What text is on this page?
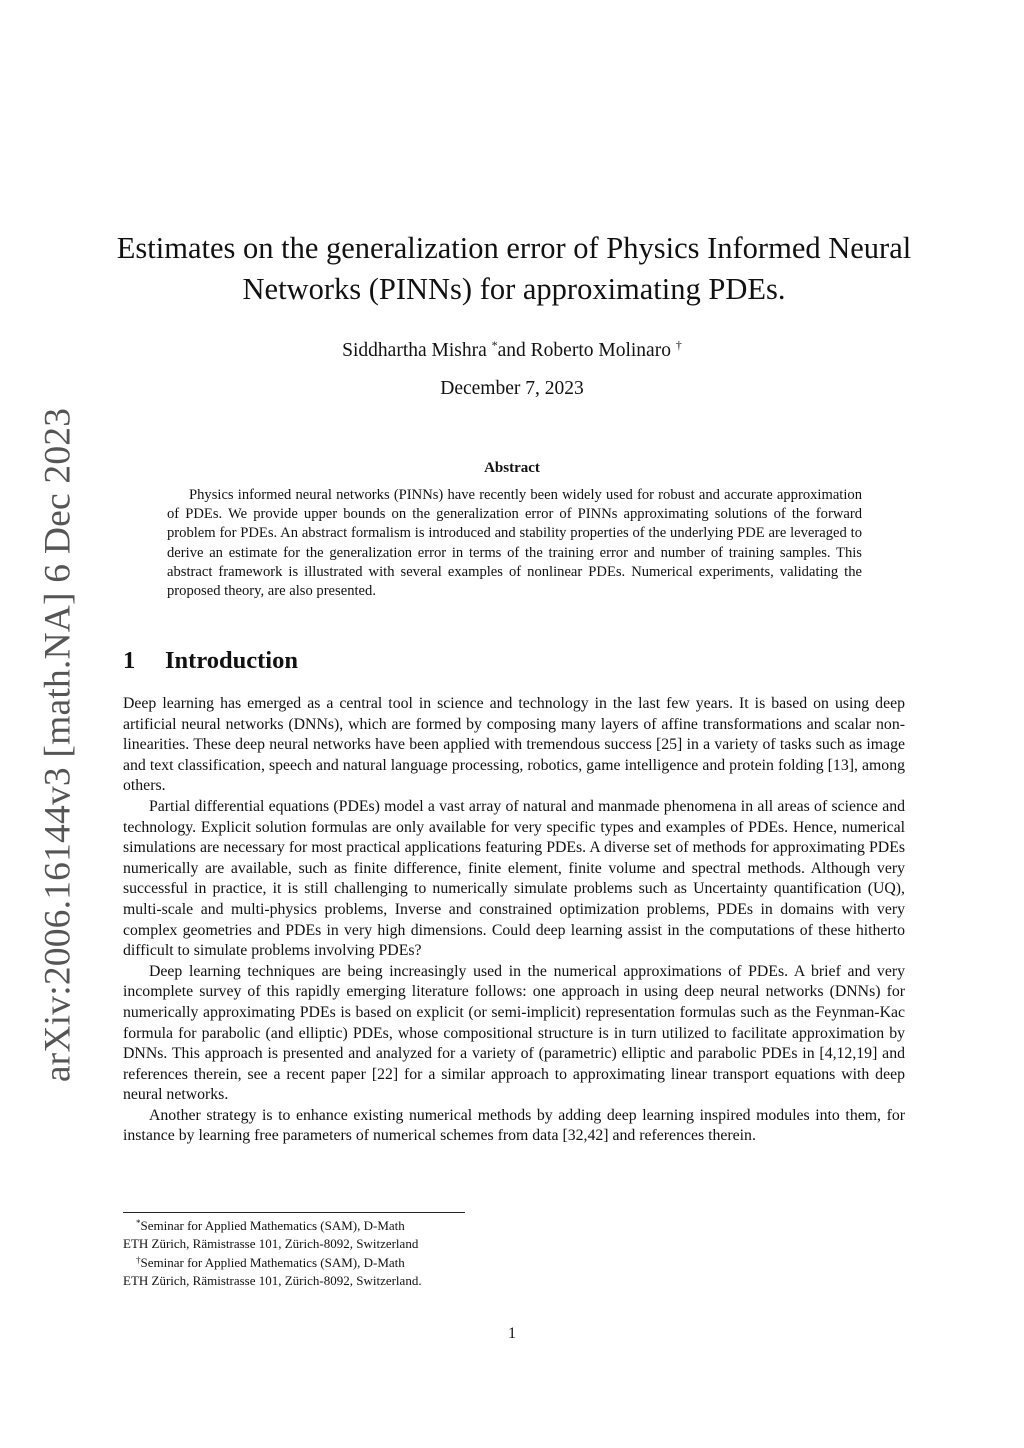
arXiv:2006.16144v3 [math.NA] 6 Dec 2023
Estimates on the generalization error of Physics Informed Neural
Networks (PINNs) for approximating PDEs.
Siddhartha Mishra *and Roberto Molinaro †
December 7, 2023
Abstract
Physics informed neural networks (PINNs) have recently been widely used for robust and accurate approximation of PDEs. We provide upper bounds on the generalization error of PINNs approximating solutions of the forward problem for PDEs. An abstract formalism is introduced and stability properties of the underlying PDE are leveraged to derive an estimate for the generalization error in terms of the training error and number of training samples. This abstract framework is illustrated with several examples of nonlinear PDEs. Numerical experiments, validating the proposed theory, are also presented.
1 Introduction

Deep learning has emerged as a central tool in science and technology in the last few years. It is based on using deep artificial neural networks (DNNs), which are formed by composing many layers of affine transformations and scalar non-linearities. These deep neural networks have been applied with tremendous success [25] in a variety of tasks such as image and text classification, speech and natural language processing, robotics, game intelligence and protein folding [13], among others.

Partial differential equations (PDEs) model a vast array of natural and manmade phenomena in all areas of science and technology. Explicit solution formulas are only available for very specific types and examples of PDEs. Hence, numerical simulations are necessary for most practical applications featuring PDEs. A diverse set of methods for approximating PDEs numerically are available, such as finite difference, finite element, finite volume and spectral methods. Although very successful in practice, it is still challenging to numerically simulate problems such as Uncertainty quantification (UQ), multi-scale and multi-physics problems, Inverse and constrained optimization problems, PDEs in domains with very complex geometries and PDEs in very high dimensions. Could deep learning assist in the computations of these hitherto difficult to simulate problems involving PDEs?

Deep learning techniques are being increasingly used in the numerical approximations of PDEs. A brief and very incomplete survey of this rapidly emerging literature follows: one approach in using deep neural networks (DNNs) for numerically approximating PDEs is based on explicit (or semi-implicit) representation formulas such as the Feynman-Kac formula for parabolic (and elliptic) PDEs, whose compositional structure is in turn utilized to facilitate approximation by DNNs. This approach is presented and analyzed for a variety of (parametric) elliptic and parabolic PDEs in [4,12,19] and references therein, see a recent paper [22] for a similar approach to approximating linear transport equations with deep neural networks.

Another strategy is to enhance existing numerical methods by adding deep learning inspired modules into them, for instance by learning free parameters of numerical schemes from data [32,42] and references therein.

*Seminar for Applied Mathematics (SAM), D-Math
ETH Zürich, Rämistrasse 101, Zürich-8092, Switzerland
†Seminar for Applied Mathematics (SAM), D-Math
ETH Zürich, Rämistrasse 101, Zürich-8092, Switzerland.
1
